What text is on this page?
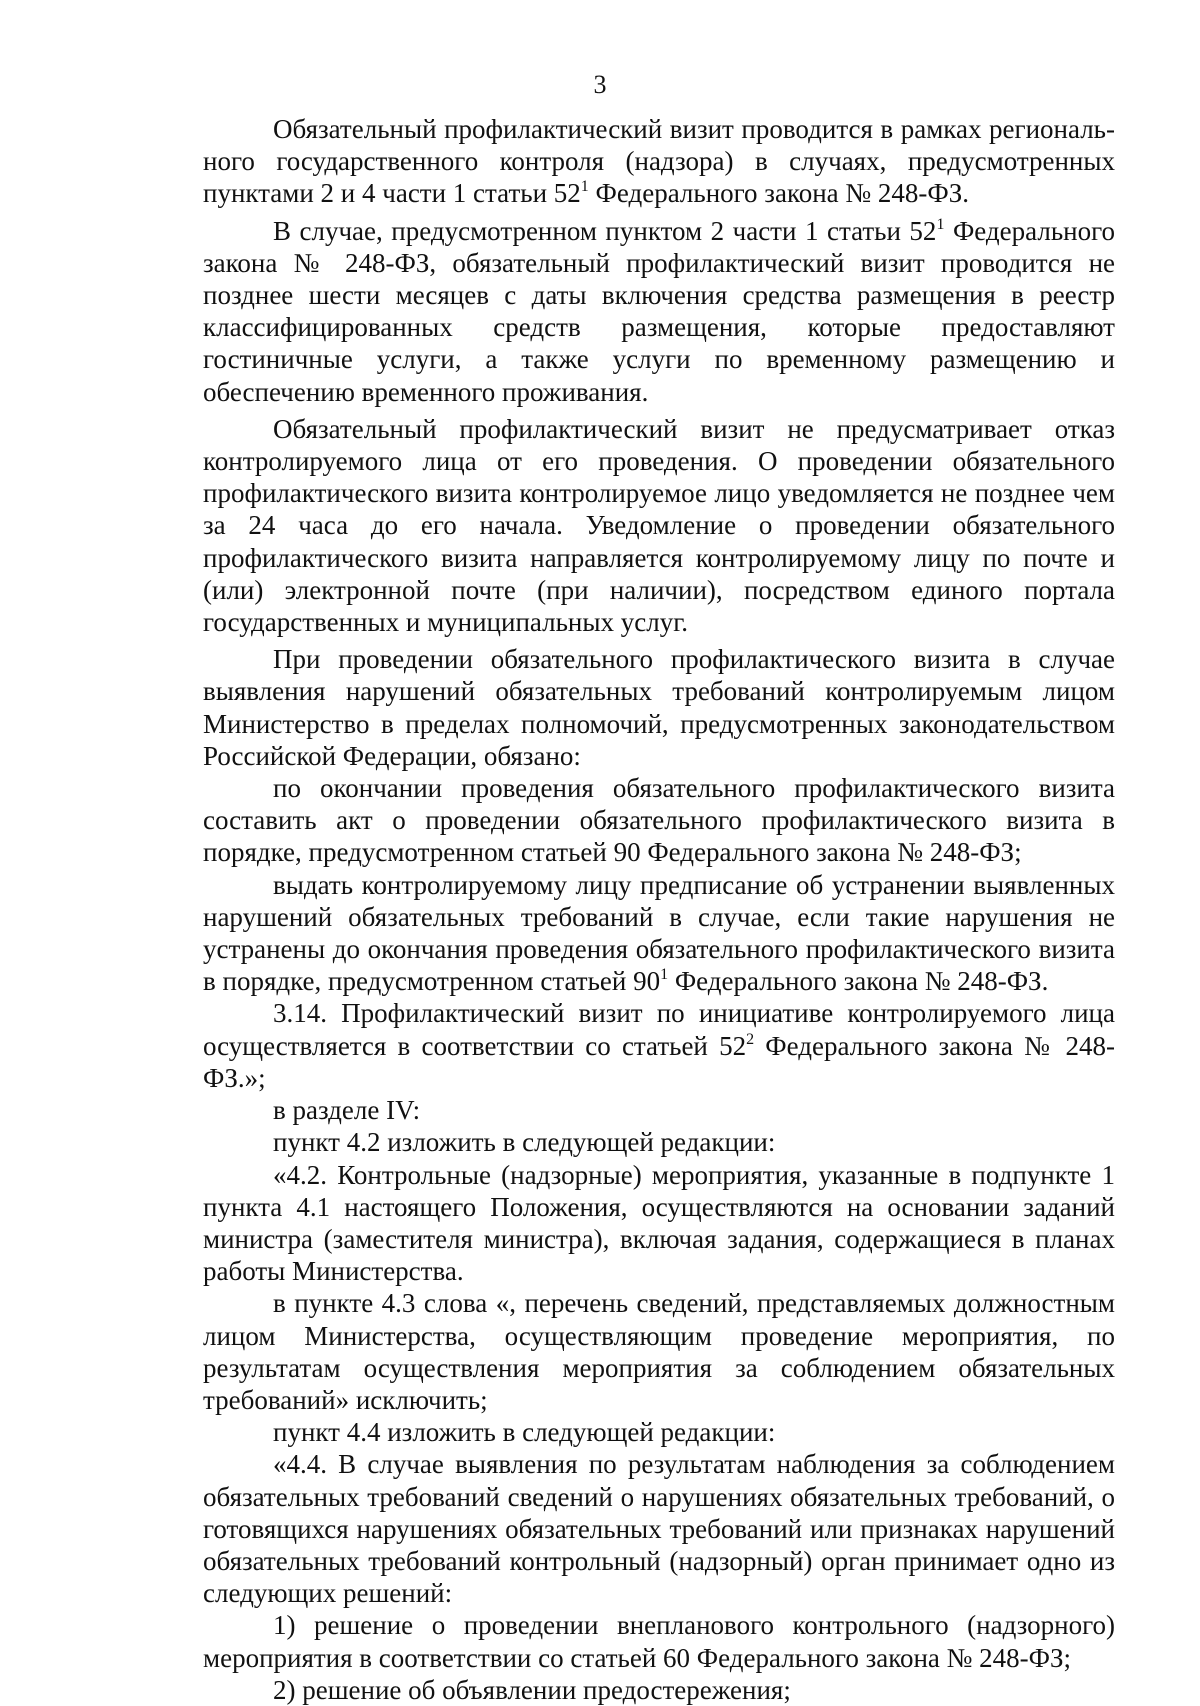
3

Обязательный профилактический визит проводится в рамках регионального государственного контроля (надзора) в случаях, предусмотренных пунктами 2 и 4 части 1 статьи $52^1$ Федерального закона № 248-ФЗ.

В случае, предусмотренном пунктом 2 части 1 статьи $52^1$ Федерального закона № 248-ФЗ, обязательный профилактический визит проводится не позднее шести месяцев с даты включения средства размещения в реестр классифицированных средств размещения, которые предоставляют гостиничные услуги, а также услуги по временному размещению и обеспечению временного проживания.

Обязательный профилактический визит не предусматривает отказ контролируемого лица от его проведения. О проведении обязательного профилактического визита контролируемое лицо уведомляется не позднее чем за 24 часа до его начала. Уведомление о проведении обязательного профилактического визита направляется контролируемому лицу по почте и (или) электронной почте (при наличии), посредством единого портала государственных и муниципальных услуг.

При проведении обязательного профилактического визита в случае выявления нарушений обязательных требований контролируемым лицом Министерство в пределах полномочий, предусмотренных законодательством Российской Федерации, обязано:

по окончании проведения обязательного профилактического визита составить акт о проведении обязательного профилактического визита в порядке, предусмотренном статьей 90 Федерального закона № 248-ФЗ;

выдать контролируемому лицу предписание об устранении выявленных нарушений обязательных требований в случае, если такие нарушения не устранены до окончания проведения обязательного профилактического визита в порядке, предусмотренном статьей $90^1$ Федерального закона № 248-ФЗ.

3.14. Профилактический визит по инициативе контролируемого лица осуществляется в соответствии со статьей $52^2$ Федерального закона № 248-ФЗ.»;

в разделе IV:

пункт 4.2 изложить в следующей редакции:

«4.2. Контрольные (надзорные) мероприятия, указанные в подпункте 1 пункта 4.1 настоящего Положения, осуществляются на основании заданий министра (заместителя министра), включая задания, содержащиеся в планах работы Министерства.

в пункте 4.3 слова «, перечень сведений, представляемых должностным лицом Министерства, осуществляющим проведение мероприятия, по результатам осуществления мероприятия за соблюдением обязательных требований» исключить;

пункт 4.4 изложить в следующей редакции:

«4.4. В случае выявления по результатам наблюдения за соблюдением обязательных требований сведений о нарушениях обязательных требований, о готовящихся нарушениях обязательных требований или признаках нарушений обязательных требований контрольный (надзорный) орган принимает одно из следующих решений:

1) решение о проведении внепланового контрольного (надзорного) мероприятия в соответствии со статьей 60 Федерального закона № 248-ФЗ;

2) решение об объявлении предостережения;
